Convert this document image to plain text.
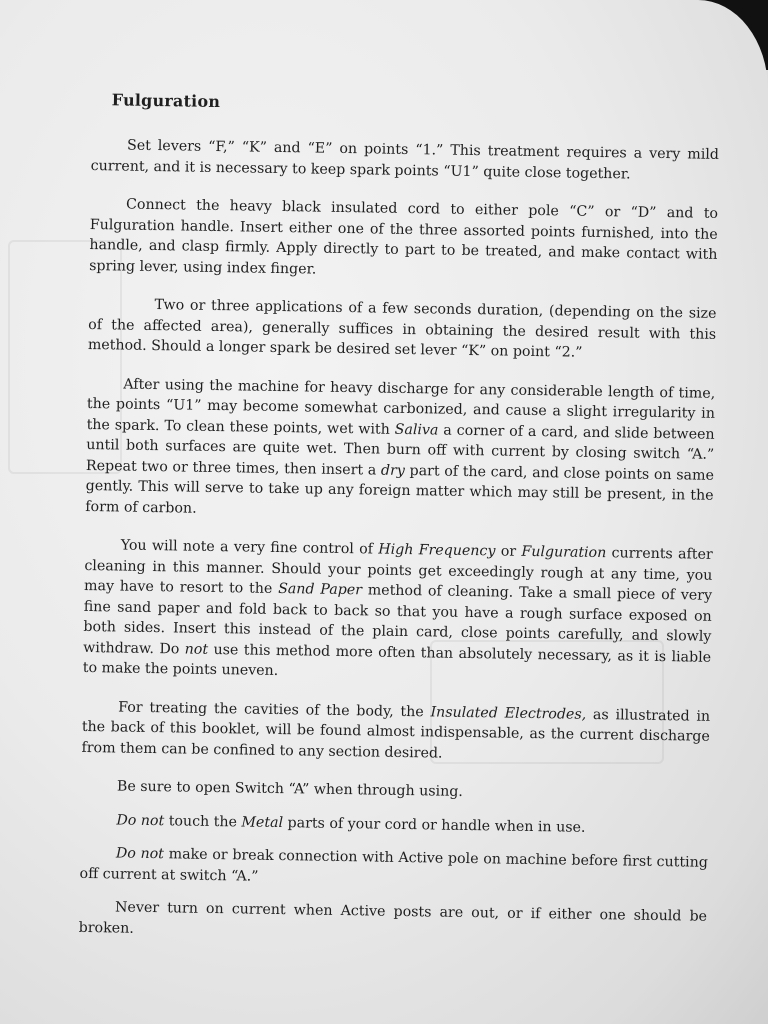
Fulguration

Set levers “F,” “K” and “E” on points “1.” This treatment requires a very mild current, and it is necessary to keep spark points “U1” quite close together.

Connect the heavy black insulated cord to either pole “C” or “D” and to Fulguration handle. Insert either one of the three assorted points furnished, into the handle, and clasp firmly. Apply directly to part to be treated, and make contact with spring lever, using index finger.

Two or three applications of a few seconds duration, (depending on the size of the affected area), generally suffices in obtaining the desired result with this method. Should a longer spark be desired set lever “K” on point “2.”

After using the machine for heavy discharge for any considerable length of time, the points “U1” may become somewhat carbonized, and cause a slight irregularity in the spark. To clean these points, wet with Saliva a corner of a card, and slide between until both surfaces are quite wet. Then burn off with current by closing switch “A.” Repeat two or three times, then insert a dry part of the card, and close points on same gently. This will serve to take up any foreign matter which may still be present, in the form of carbon.

You will note a very fine control of High Frequency or Fulguration currents after cleaning in this manner. Should your points get exceedingly rough at any time, you may have to resort to the Sand Paper method of cleaning. Take a small piece of very fine sand paper and fold back to back so that you have a rough surface exposed on both sides. Insert this instead of the plain card, close points carefully, and slowly withdraw. Do not use this method more often than absolutely necessary, as it is liable to make the points uneven.

For treating the cavities of the body, the Insulated Electrodes, as illustrated in the back of this booklet, will be found almost indispensable, as the current discharge from them can be confined to any section desired.

Be sure to open Switch “A” when through using.

Do not touch the Metal parts of your cord or handle when in use.

Do not make or break connection with Active pole on machine before first cutting off current at switch “A.”

Never turn on current when Active posts are out, or if either one should be broken.
